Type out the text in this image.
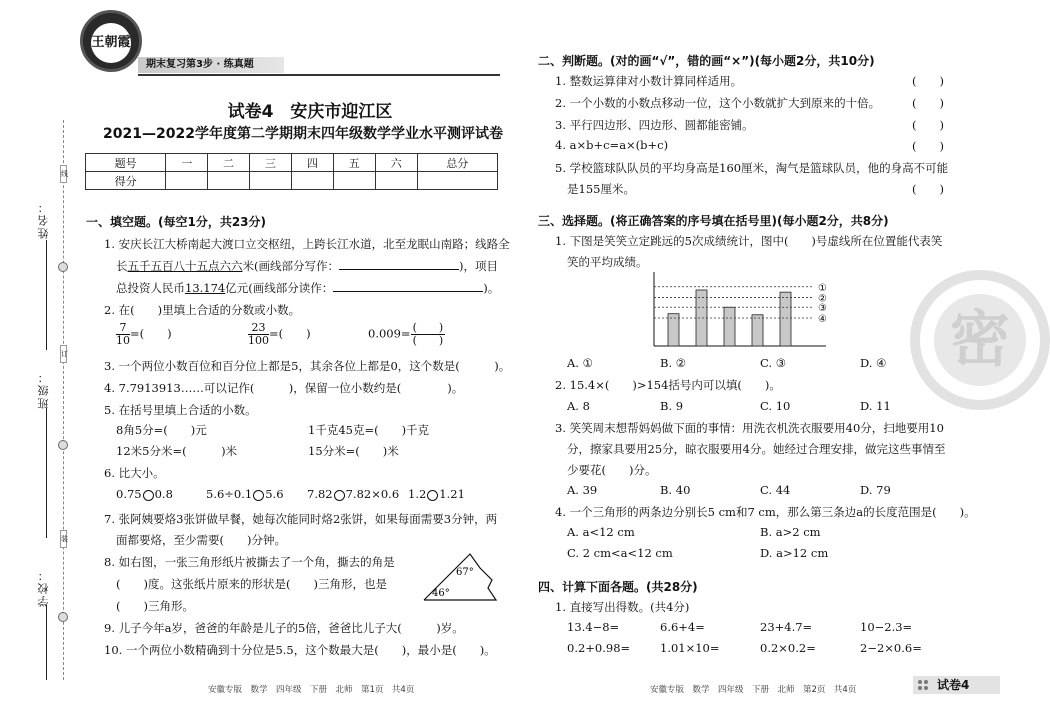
姓名：
班级：
学校：
线
订
装
王朝霞
期末复习第3步 · 练真题
试卷4　安庆市迎江区
2021—2022学年度第二学期期末四年级数学学业水平测评试卷
题号	一	二	三	四	五	六	总分
得分							
一、填空题。(每空1分，共23分)
1. 安庆长江大桥南起大渡口立交枢纽，上跨长江水道，北至龙眠山南路；线路全
长五千五百八十五点六六米(画线部分写作：	)，项目
总投资人民币13.174亿元(画线部分读作：	)。
2. 在(　　)里填上合适的分数或小数。
$\frac{7}{10}$ =(　　)	$\frac{23}{100}$ =(　　)	$0.009= \frac{( )}{( )}$
3. 一个两位小数百位和百分位上都是5，其余各位上都是0，这个数是(　　　)。
4. 7.7913913……可以记作(　　　)，保留一位小数约是(　　　　)。
5. 在括号里填上合适的小数。
8角5分=(　　)元	1千克45克=(　　)千克
12米5分米=(　　　)米	15分米=(　　)米
6. 比大小。
0.75 0.8	5.6÷0.1 5.6 7.82 7.82×0.6 1.2 1.21
7. 张阿姨要烙3张饼做早餐，她每次能同时烙2张饼，如果每面需要3分钟，两
面都要烙，至少需要(　　)分钟。
8. 如右图，一张三角形纸片被撕去了一个角，撕去的角是
(　　)度。这张纸片原来的形状是(　　)三角形，也是
(　　)三角形。
67°
46°
9. 儿子今年a岁，爸爸的年龄是儿子的5倍，爸爸比儿子大(　　　)岁。
10. 一个两位小数精确到十分位是5.5，这个数最大是(　　)，最小是(　　)。
安徽专版　数学　四年级　下册　北师　第1页　共4页
密
二、判断题。(对的画“√”，错的画“×”)(每小题2分，共10分)
1. 整数运算律对小数计算同样适用。	(　　)
2. 一个小数的小数点移动一位，这个小数就扩大到原来的十倍。	(　　)
3. 平行四边形、四边形、圆都能密铺。	(　　)
4. a×b+c=a×(b+c)	(　　)
5. 学校篮球队队员的平均身高是160厘米，淘气是篮球队员，他的身高不可能
是155厘米。	(　　)
三、选择题。(将正确答案的序号填在括号里)(每小题2分，共8分)
1. 下图是笑笑立定跳远的5次成绩统计，图中(　　)号虚线所在位置能代表笑
笑的平均成绩。
①
②
③
④
A. ①	B. ②	C. ③	D. ④
2. 15.4×(　　)>154括号内可以填(　　)。
A. 8	B. 9	C. 10	D. 11
3. 笑笑周末想帮妈妈做下面的事情：用洗衣机洗衣服要用40分，扫地要用10
分，擦家具要用25分，晾衣服要用4分。她经过合理安排，做完这些事情至
少要花(　　)分。
A. 39	B. 40	C. 44	D. 79
4. 一个三角形的两条边分别长5 cm和7 cm，那么第三条边a的长度范围是(　　)。
A. a<12 cm	B. a>2 cm
C. 2 cm<a<12 cm	D. a>12 cm
四、计算下面各题。(共28分)
1. 直接写出得数。(共4分)
13.4−8=	6.6+4=	23+4.7=	10−2.3=
0.2+0.98=	1.01×10=	0.2×0.2=	2−2×0.6=
安徽专版　数学　四年级　下册　北师　第2页　共4页	试卷4
